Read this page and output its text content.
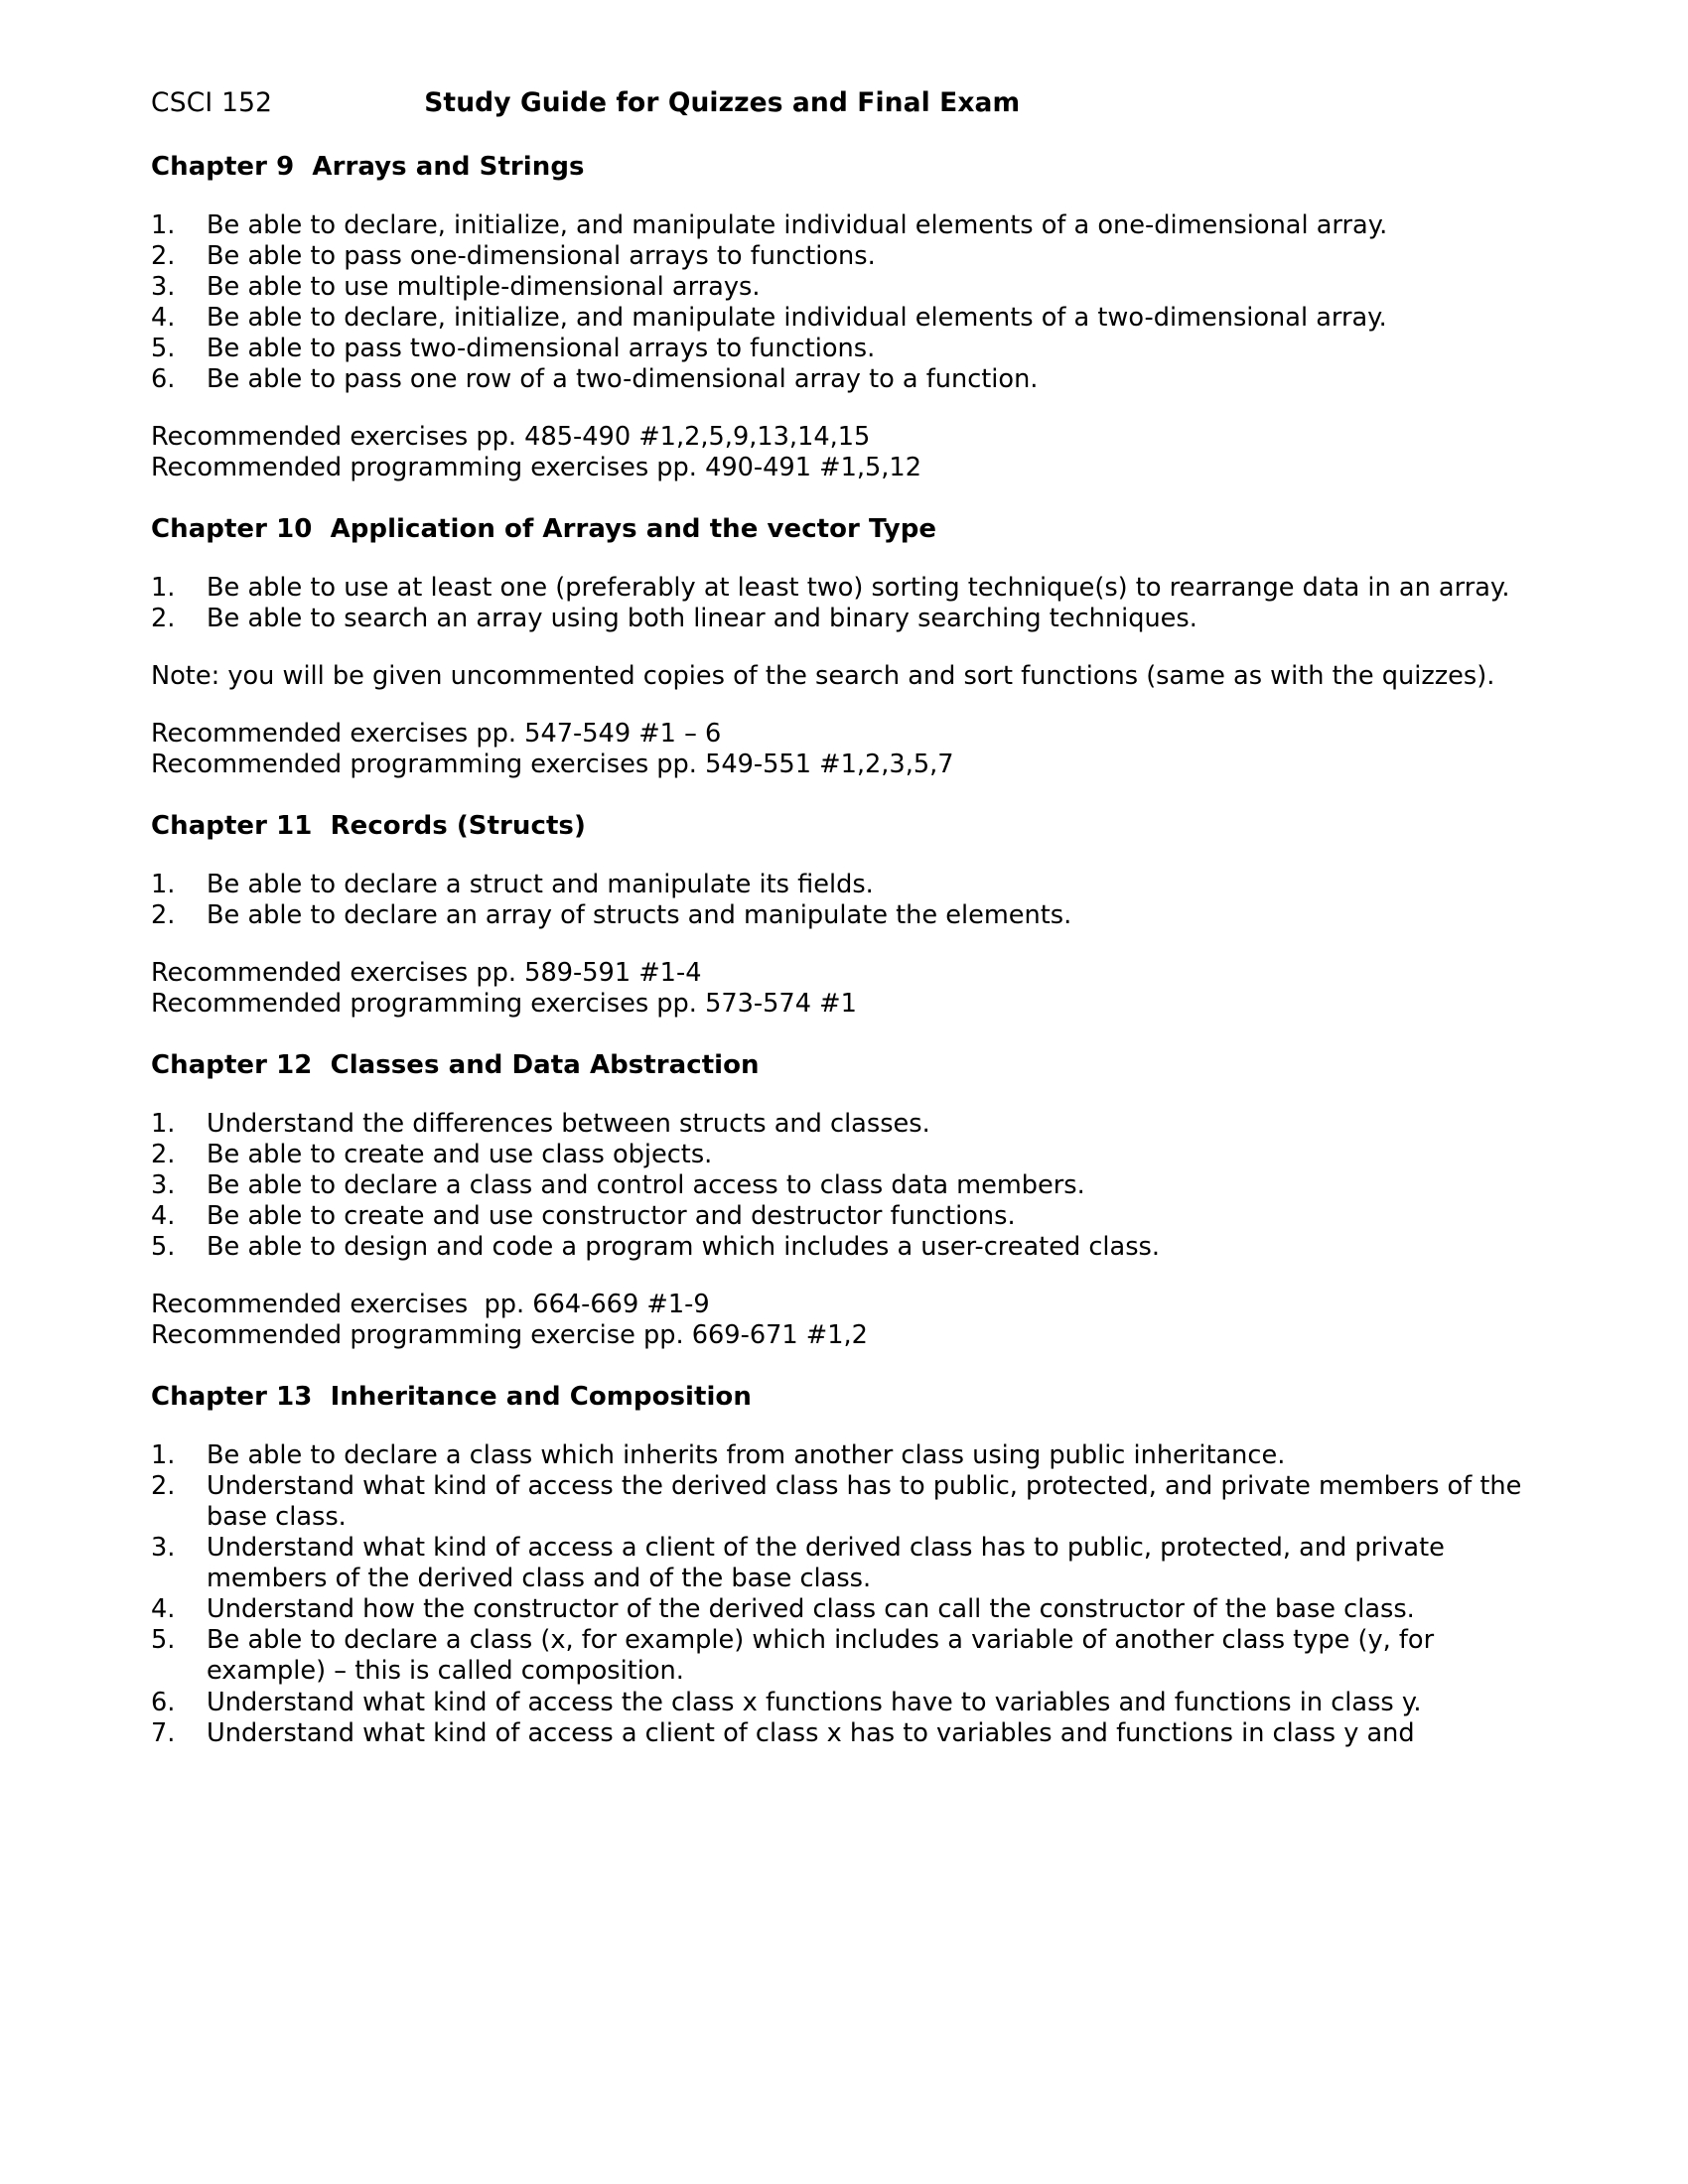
CSCI 152	Study Guide for Quizzes and Final Exam
Chapter 9  Arrays and Strings
Be able to declare, initialize, and manipulate individual elements of a one-dimensional array.
Be able to pass one-dimensional arrays to functions.
Be able to use multiple-dimensional arrays.
Be able to declare, initialize, and manipulate individual elements of a two-dimensional array.
Be able to pass two-dimensional arrays to functions.
Be able to pass one row of a two-dimensional array to a function.
Recommended exercises pp. 485-490 #1,2,5,9,13,14,15
Recommended programming exercises pp. 490-491 #1,5,12
Chapter 10  Application of Arrays and the vector Type
Be able to use at least one (preferably at least two) sorting technique(s) to rearrange data in an array.
Be able to search an array using both linear and binary searching techniques.
Note: you will be given uncommented copies of the search and sort functions (same as with the quizzes).
Recommended exercises pp. 547-549 #1 – 6
Recommended programming exercises pp. 549-551 #1,2,3,5,7
Chapter 11  Records (Structs)
Be able to declare a struct and manipulate its fields.
Be able to declare an array of structs and manipulate the elements.
Recommended exercises pp. 589-591 #1-4
Recommended programming exercises pp. 573-574 #1
Chapter 12  Classes and Data Abstraction
Understand the differences between structs and classes.
Be able to create and use class objects.
Be able to declare a class and control access to class data members.
Be able to create and use constructor and destructor functions.
Be able to design and code a program which includes a user-created class.
Recommended exercises  pp. 664-669 #1-9
Recommended programming exercise pp. 669-671 #1,2
Chapter 13  Inheritance and Composition
Be able to declare a class which inherits from another class using public inheritance.
Understand what kind of access the derived class has to public, protected, and private members of the base class.
Understand what kind of access a client of the derived class has to public, protected, and private members of the derived class and of the base class.
Understand how the constructor of the derived class can call the constructor of the base class.
Be able to declare a class (x, for example) which includes a variable of another class type (y, for example) – this is called composition.
Understand what kind of access the class x functions have to variables and functions in class y.
Understand what kind of access a client of class x has to variables and functions in class y and
